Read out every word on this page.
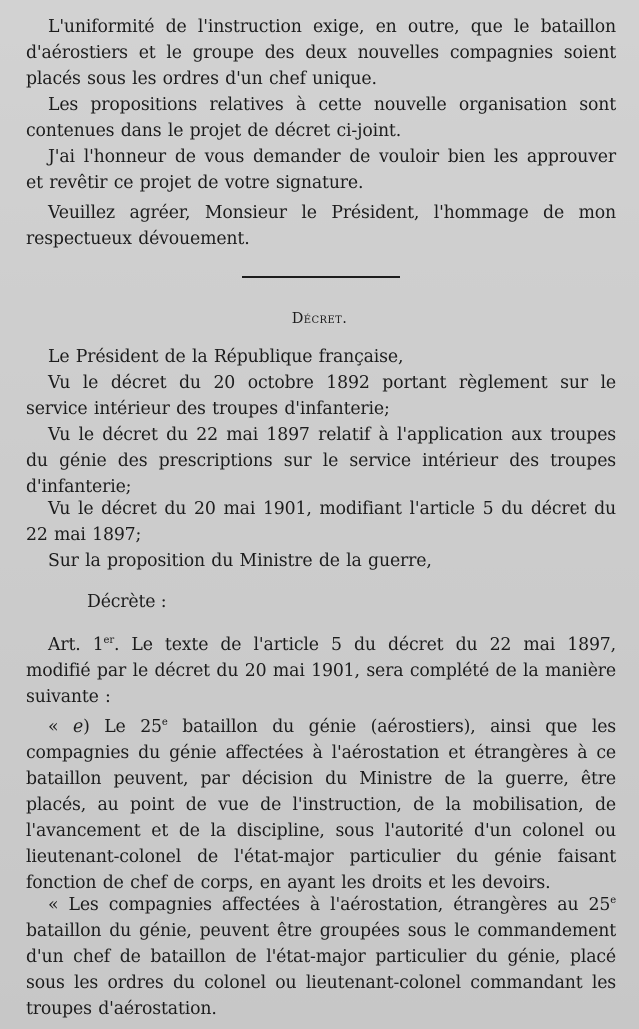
L'uniformité de l'instruction exige, en outre, que le bataillon d'aérostiers et le groupe des deux nouvelles compagnies soient placés sous les ordres d'un chef unique.

Les propositions relatives à cette nouvelle organisation sont contenues dans le projet de décret ci-joint.

J'ai l'honneur de vous demander de vouloir bien les approuver et revêtir ce projet de votre signature.

Veuillez agréer, Monsieur le Président, l'hommage de mon respectueux dévouement.

Décret.

Le Président de la République française,

Vu le décret du 20 octobre 1892 portant règlement sur le service intérieur des troupes d'infanterie;

Vu le décret du 22 mai 1897 relatif à l'application aux troupes du génie des prescriptions sur le service intérieur des troupes d'infanterie;

Vu le décret du 20 mai 1901, modifiant l'article 5 du décret du 22 mai 1897;

Sur la proposition du Ministre de la guerre,

Décrète :

Art. 1er. Le texte de l'article 5 du décret du 22 mai 1897, modifié par le décret du 20 mai 1901, sera complété de la manière suivante :

« e) Le 25e bataillon du génie (aérostiers), ainsi que les compagnies du génie affectées à l'aérostation et étrangères à ce bataillon peuvent, par décision du Ministre de la guerre, être placés, au point de vue de l'instruction, de la mobilisation, de l'avancement et de la discipline, sous l'autorité d'un colonel ou lieutenant-colonel de l'état-major particulier du génie faisant fonction de chef de corps, en ayant les droits et les devoirs.

« Les compagnies affectées à l'aérostation, étrangères au 25e bataillon du génie, peuvent être groupées sous le commandement d'un chef de bataillon de l'état-major particulier du génie, placé sous les ordres du colonel ou lieutenant-colonel commandant les troupes d'aérostation.
